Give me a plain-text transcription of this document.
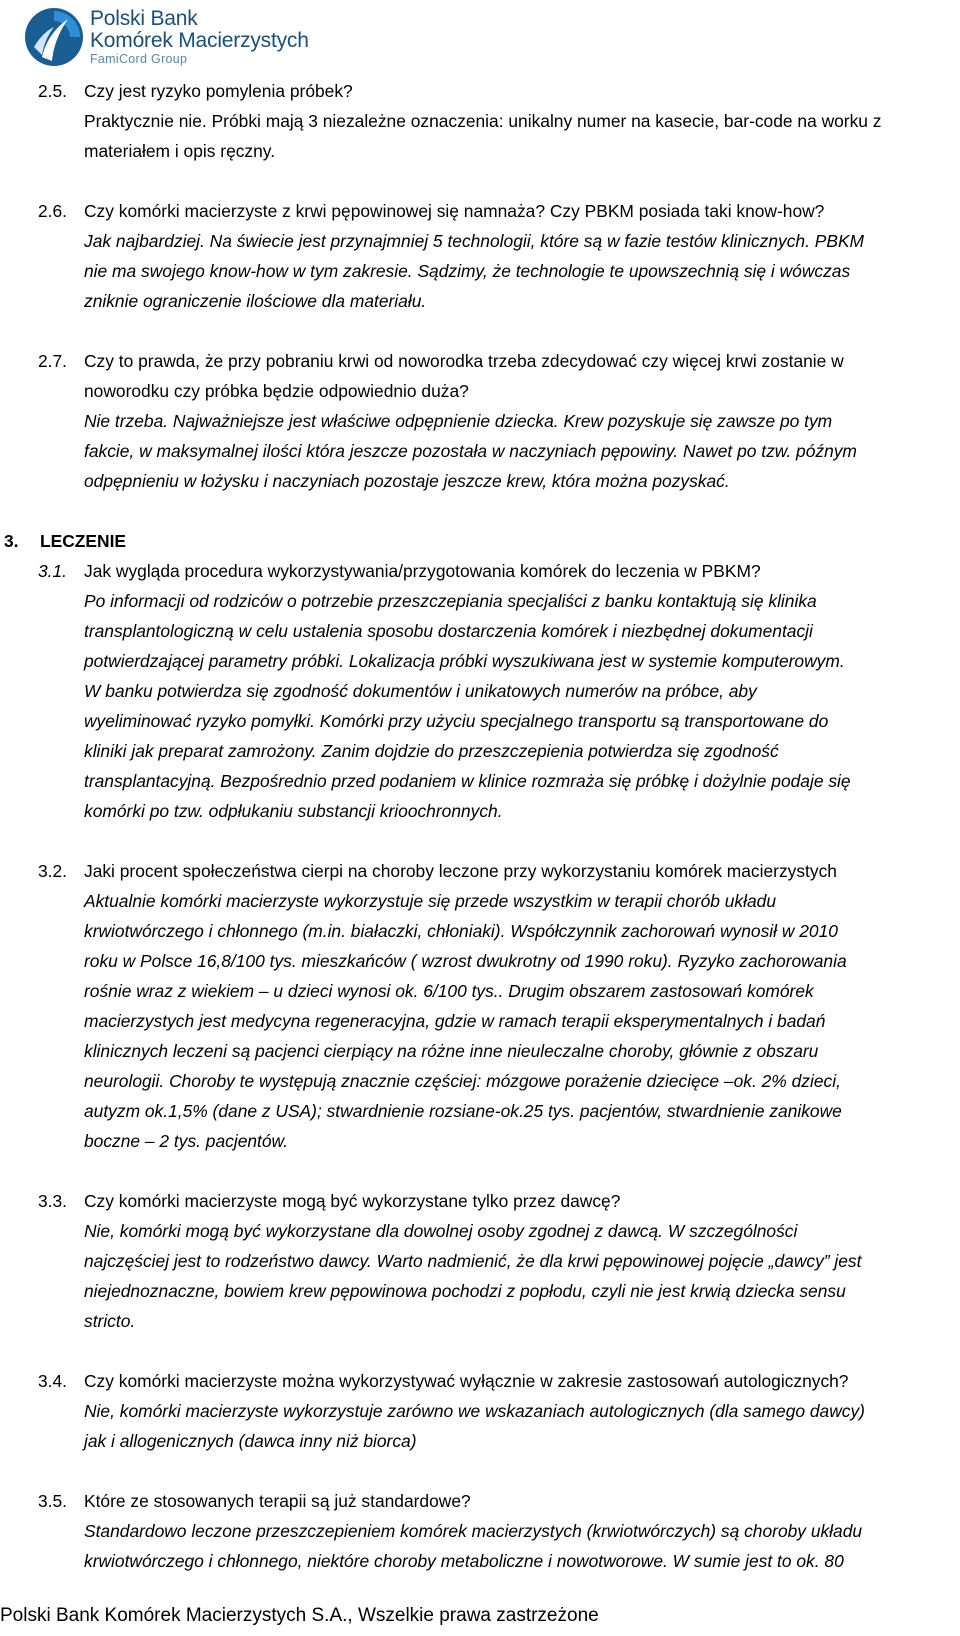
Polski Bank
Komórek Macierzystych
FamiCord Group
2.5. Czy jest ryzyko pomylenia próbek?
Praktycznie nie. Próbki mają 3 niezależne oznaczenia: unikalny numer na kasecie, bar-code na worku z
materiałem i opis ręczny.
2.6. Czy komórki macierzyste z krwi pępowinowej się namnaża? Czy PBKM posiada taki know-how?
Jak najbardziej. Na świecie jest przynajmniej 5 technologii, które są w fazie testów klinicznych. PBKM
nie ma swojego know-how w tym zakresie. Sądzimy, że technologie te upowszechnią się i wówczas
zniknie ograniczenie ilościowe dla materiału.
2.7. Czy to prawda, że przy pobraniu krwi od noworodka trzeba zdecydować czy więcej krwi zostanie w
noworodku czy próbka będzie odpowiednio duża?
Nie trzeba. Najważniejsze jest właściwe odpępnienie dziecka. Krew pozyskuje się zawsze po tym
fakcie, w maksymalnej ilości która jeszcze pozostała w naczyniach pępowiny. Nawet po tzw. późnym
odpępnieniu w łożysku i naczyniach pozostaje jeszcze krew, która można pozyskać.
3.	LECZENIE
3.1. Jak wygląda procedura wykorzystywania/przygotowania komórek do leczenia w PBKM?
Po informacji od rodziców o potrzebie przeszczepiania specjaliści z banku kontaktują się klinika
transplantologiczną w celu ustalenia sposobu dostarczenia komórek i niezbędnej dokumentacji
potwierdzającej parametry próbki. Lokalizacja próbki wyszukiwana jest w systemie komputerowym.
W banku potwierdza się zgodność dokumentów i unikatowych numerów na próbce, aby
wyeliminować ryzyko pomyłki. Komórki przy użyciu specjalnego transportu są transportowane do
kliniki jak preparat zamrożony. Zanim dojdzie do przeszczepienia potwierdza się zgodność
transplantacyjną. Bezpośrednio przed podaniem w klinice rozmraża się próbkę i dożylnie podaje się
komórki po tzw. odpłukaniu substancji krioochronnych.
3.2. Jaki procent społeczeństwa cierpi na choroby leczone przy wykorzystaniu komórek macierzystych
Aktualnie komórki macierzyste wykorzystuje się przede wszystkim w terapii chorób układu
krwiotwórczego i chłonnego (m.in. białaczki, chłoniaki). Współczynnik zachorowań wynosił w 2010
roku w Polsce 16,8/100 tys. mieszkańców ( wzrost dwukrotny od 1990 roku). Ryzyko zachorowania
rośnie wraz z wiekiem – u dzieci wynosi ok. 6/100 tys.. Drugim obszarem zastosowań komórek
macierzystych jest medycyna regeneracyjna, gdzie w ramach terapii eksperymentalnych i badań
klinicznych leczeni są pacjenci cierpiący na różne inne nieuleczalne choroby, głównie z obszaru
neurologii. Choroby te występują znacznie częściej: mózgowe porażenie dziecięce –ok. 2% dzieci,
autyzm ok.1,5% (dane z USA); stwardnienie rozsiane-ok.25 tys. pacjentów, stwardnienie zanikowe
boczne – 2 tys. pacjentów.
3.3. Czy komórki macierzyste mogą być wykorzystane tylko przez dawcę?
Nie, komórki mogą być wykorzystane dla dowolnej osoby zgodnej z dawcą. W szczególności
najczęściej jest to rodzeństwo dawcy. Warto nadmienić, że dla krwi pępowinowej pojęcie „dawcy” jest
niejednoznaczne, bowiem krew pępowinowa pochodzi z popłodu, czyli nie jest krwią dziecka sensu
stricto.
3.4. Czy komórki macierzyste można wykorzystywać wyłącznie w zakresie zastosowań autologicznych?
Nie, komórki macierzyste wykorzystuje zarówno we wskazaniach autologicznych (dla samego dawcy)
jak i allogenicznych (dawca inny niż biorca)
3.5. Które ze stosowanych terapii są już standardowe?
Standardowo leczone przeszczepieniem komórek macierzystych (krwiotwórczych) są choroby układu
krwiotwórczego i chłonnego, niektóre choroby metaboliczne i nowotworowe. W sumie jest to ok. 80
Polski Bank Komórek Macierzystych S.A., Wszelkie prawa zastrzeżone
